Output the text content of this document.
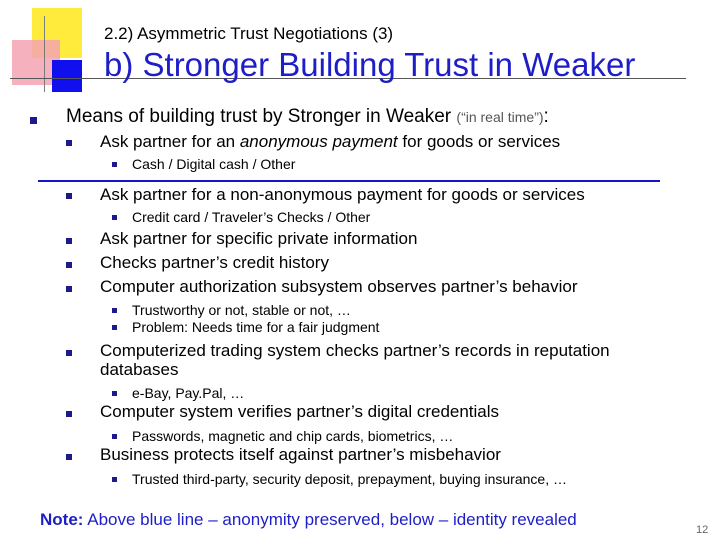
2.2) Asymmetric Trust Negotiations (3)
b) Stronger Building Trust in Weaker
Means of building trust by Stronger in Weaker (“in real time”):
Ask partner for an anonymous payment for goods or services
Cash / Digital cash / Other
Ask partner for a non-anonymous payment for goods or services
Credit card / Traveler’s Checks / Other
Ask partner for specific private information
Checks partner’s credit history
Computer authorization subsystem observes partner’s behavior
Trustworthy or not, stable or not, …
Problem: Needs time for a fair judgment
Computerized trading system checks partner’s records in reputation
databases
e-Bay, Pay.Pal, …
Computer system verifies partner’s digital credentials
Passwords, magnetic and chip cards, biometrics, …
Business protects itself against partner’s misbehavior
Trusted third-party, security deposit, prepayment, buying insurance, …
Note: Above blue line – anonymity preserved, below – identity revealed
12
